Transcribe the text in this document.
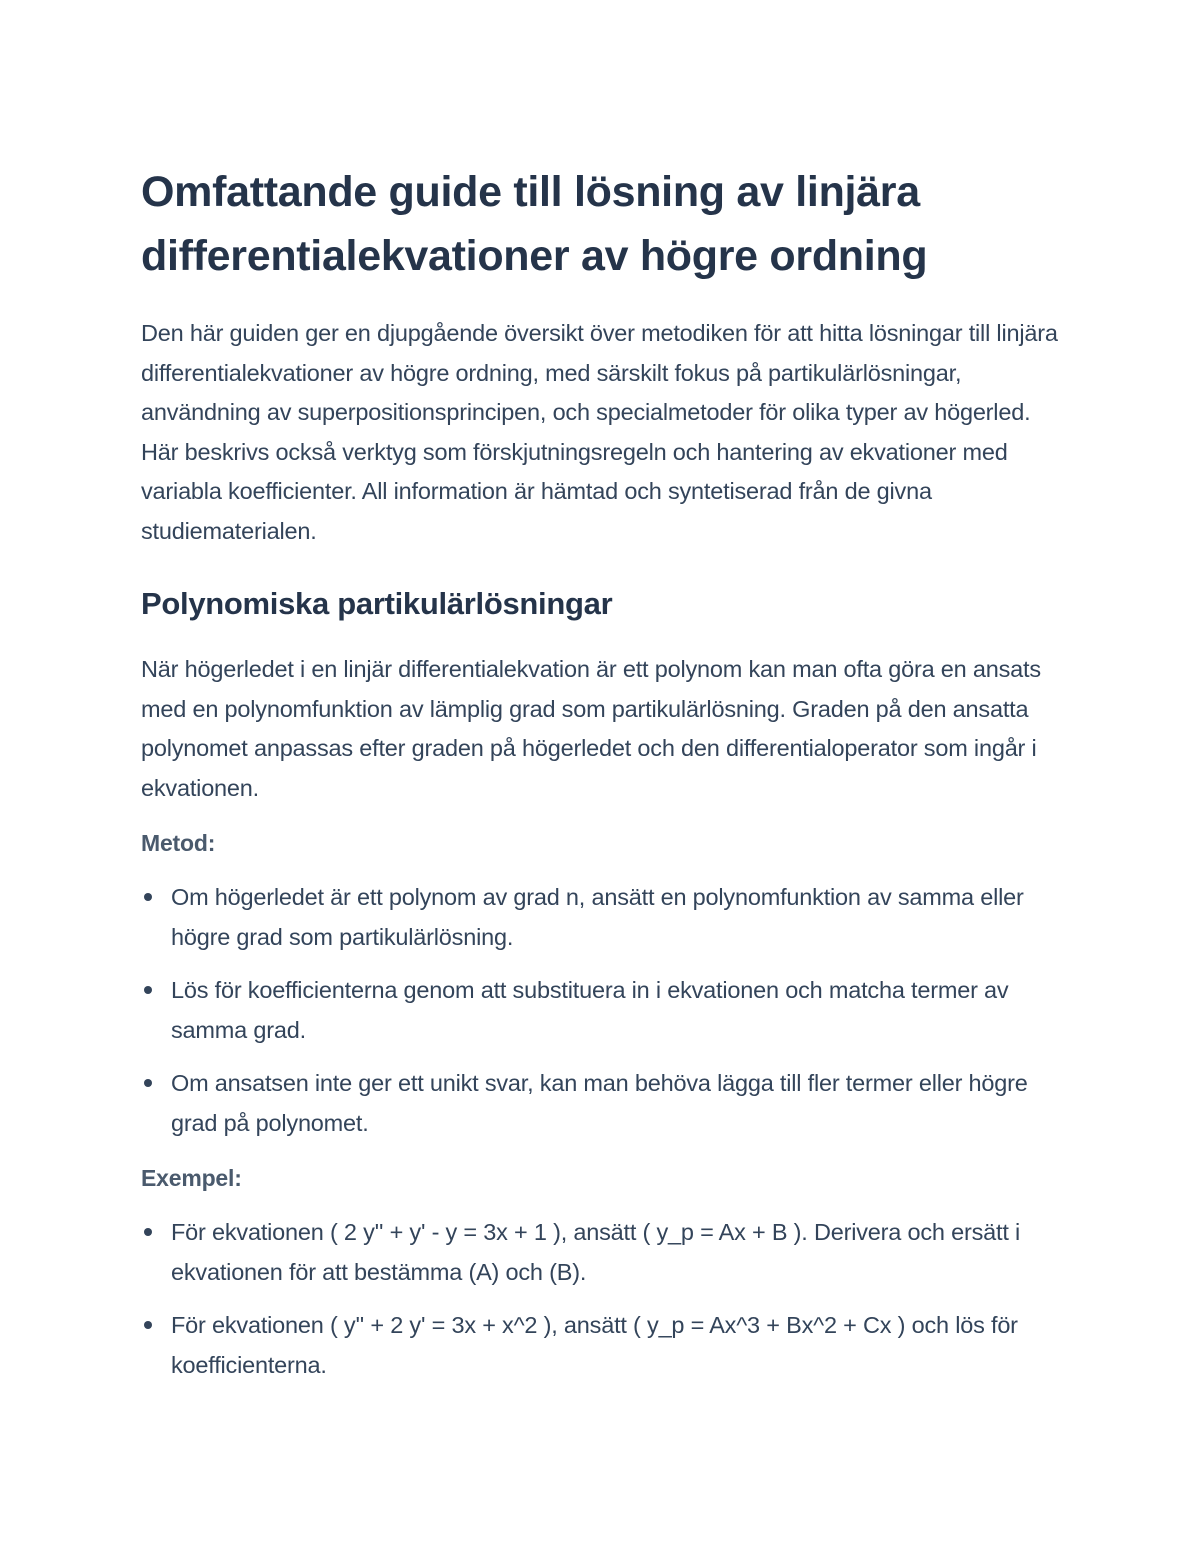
Omfattande guide till lösning av linjära differentialekvationer av högre ordning

Den här guiden ger en djupgående översikt över metodiken för att hitta lösningar till linjära differentialekvationer av högre ordning, med särskilt fokus på partikulärlösningar, användning av superpositionsprincipen, och specialmetoder för olika typer av högerled. Här beskrivs också verktyg som förskjutningsregeln och hantering av ekvationer med variabla koefficienter. All information är hämtad och syntetiserad från de givna studiematerialen.

Polynomiska partikulärlösningar

När högerledet i en linjär differentialekvation är ett polynom kan man ofta göra en ansats med en polynomfunktion av lämplig grad som partikulärlösning. Graden på den ansatta polynomet anpassas efter graden på högerledet och den differentialoperator som ingår i ekvationen.

Metod:
Om högerledet är ett polynom av grad n, ansätt en polynomfunktion av samma eller högre grad som partikulärlösning.
Lös för koefficienterna genom att substituera in i ekvationen och matcha termer av samma grad.
Om ansatsen inte ger ett unikt svar, kan man behöva lägga till fler termer eller högre grad på polynomet.
Exempel:
För ekvationen ( 2 y'' + y' - y = 3x + 1 ), ansätt ( y_p = Ax + B ). Derivera och ersätt i ekvationen för att bestämma (A) och (B).
För ekvationen ( y'' + 2 y' = 3x + x^2 ), ansätt ( y_p = Ax^3 + Bx^2 + Cx ) och lös för koefficienterna.
